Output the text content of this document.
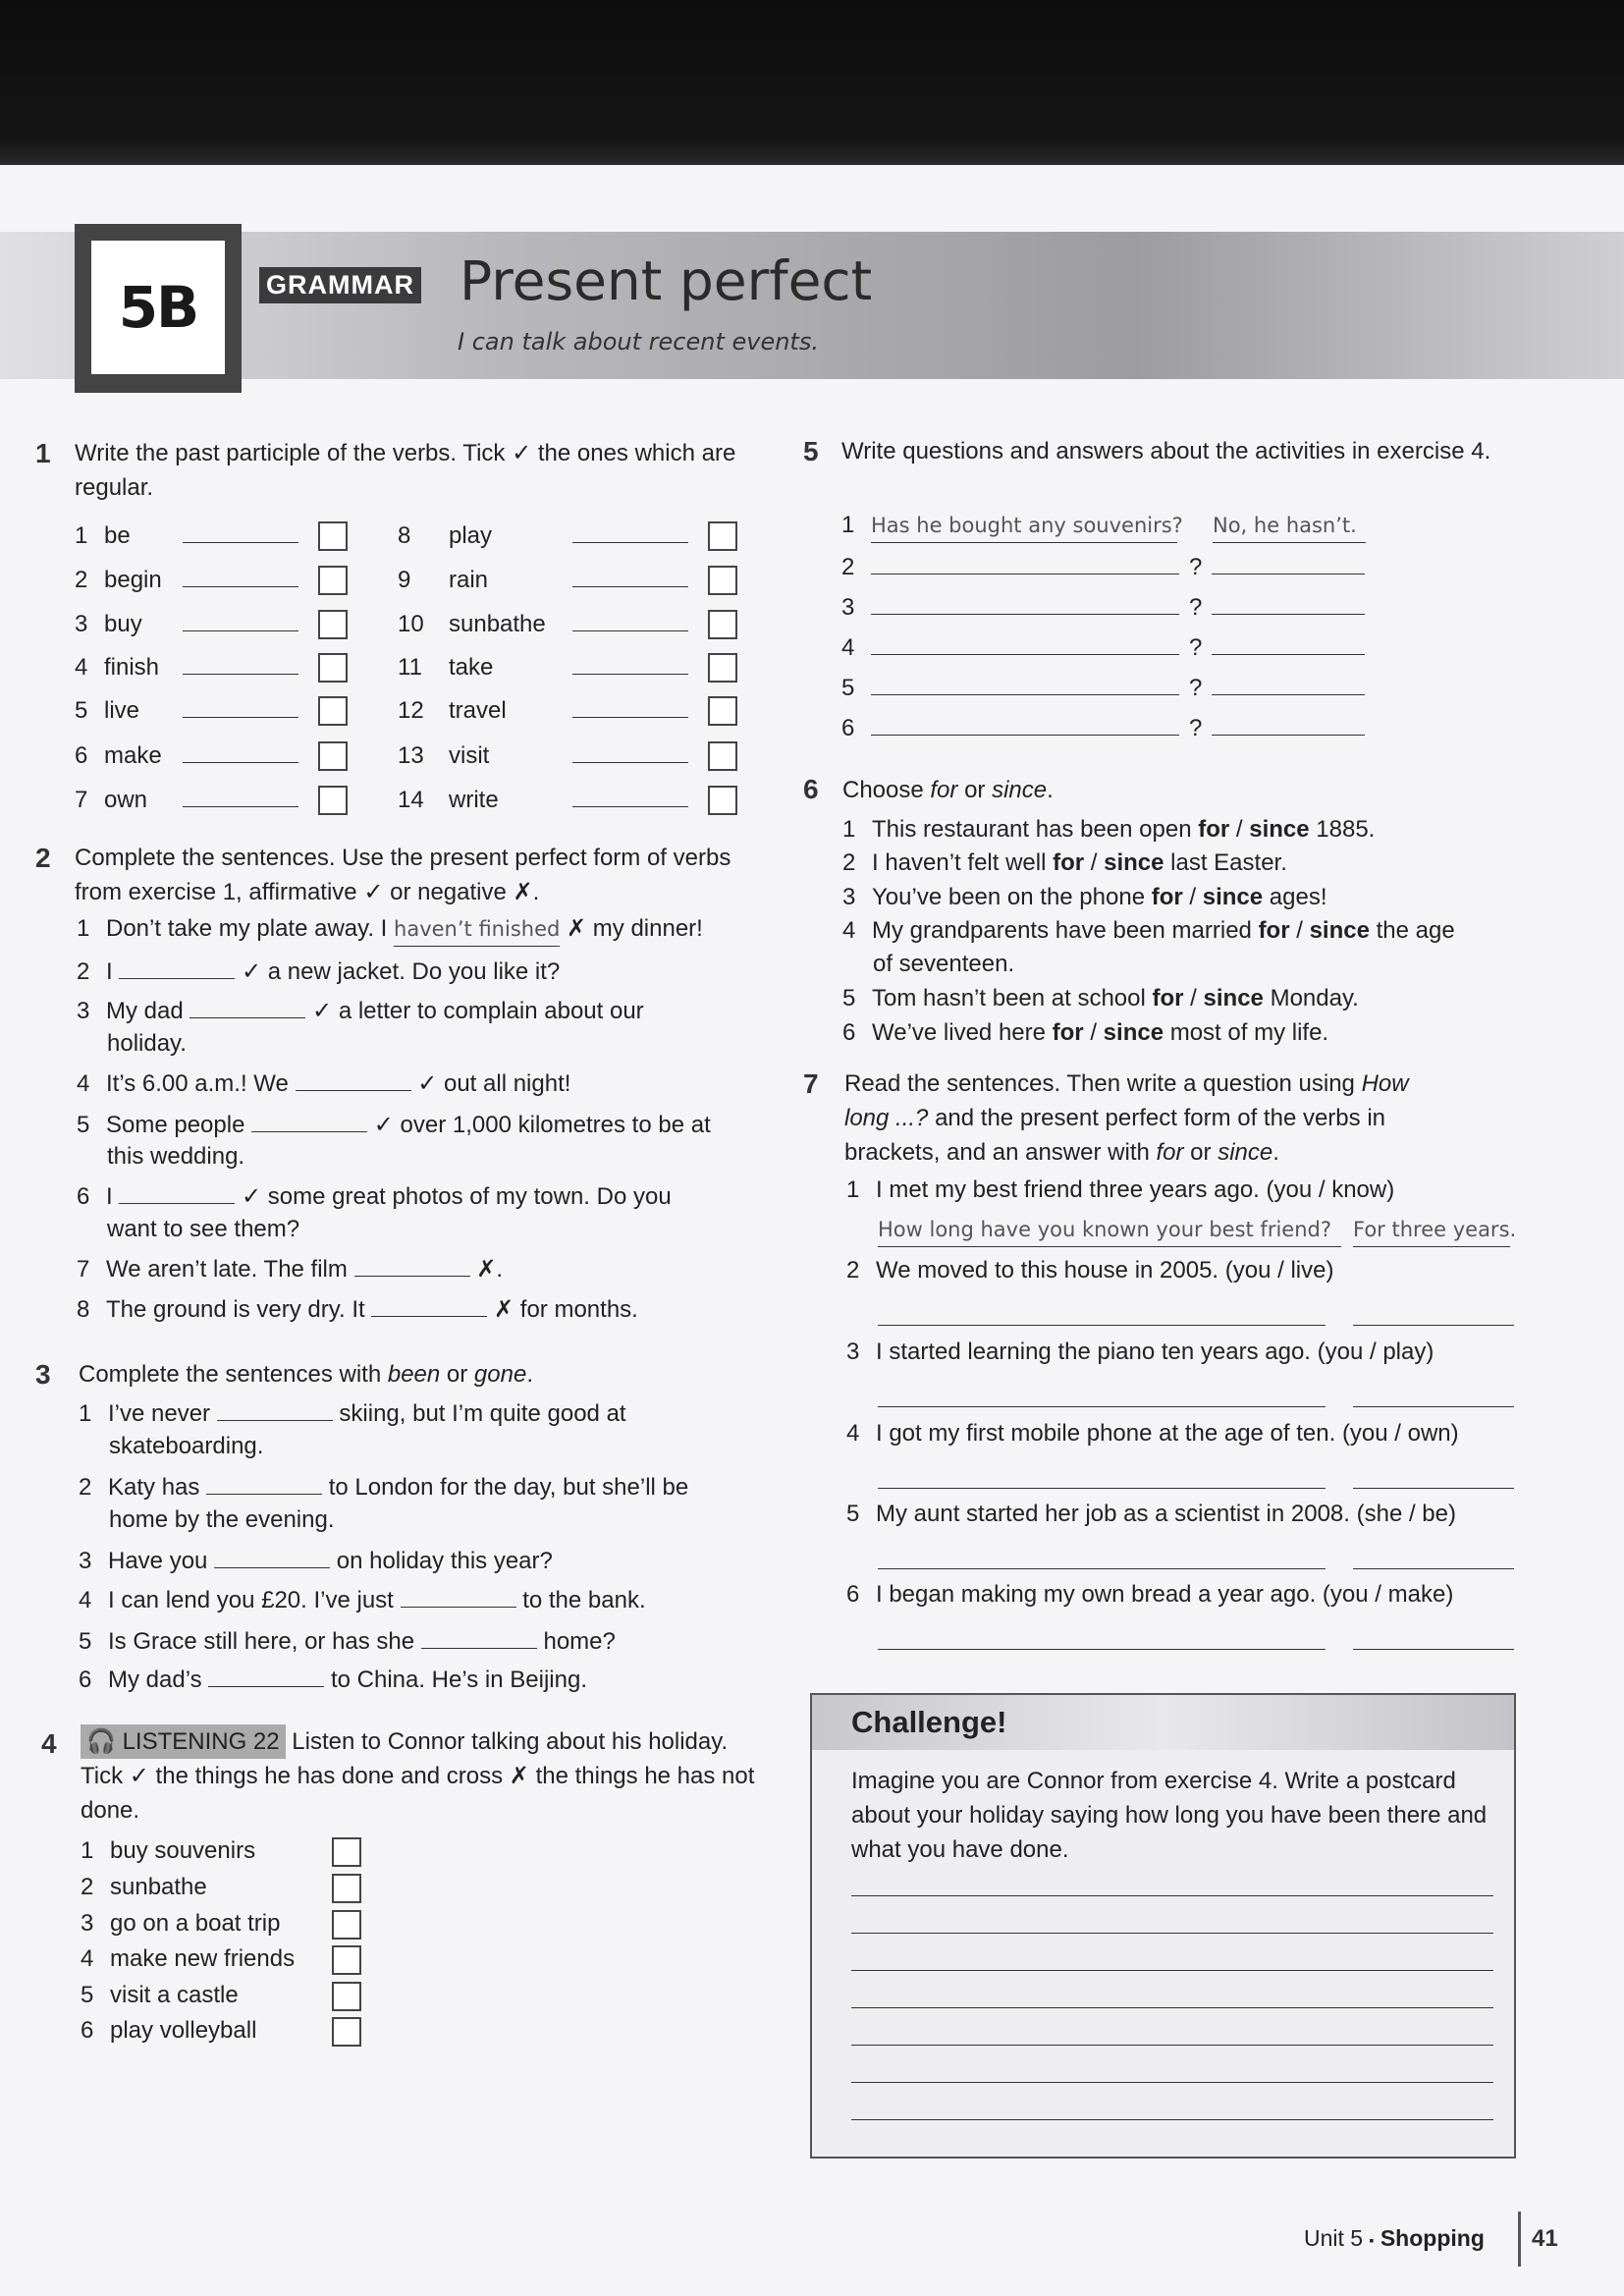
5B	GRAMMAR Present perfect
I can talk about recent events.
1 Write the past participle of the verbs. Tick ✓ the ones which are regular.
1 be
2 begin
3 buy
4 finish
5 live
6 make
7 own
8 play
9 rain
10 sunbathe
11 take
12 travel
13 visit
14 write
2 Complete the sentences. Use the present perfect form of verbs from exercise 1, affirmative ✓ or negative ✗.
1 Don’t take my plate away. I haven’t finished ✗ my dinner!
2 I	✓ a new jacket. Do you like it?
3 My dad	✓ a letter to complain about our
holiday.
4 It’s 6.00 a.m.! We	✓ out all night!
5 Some people	✓ over 1,000 kilometres to be at
this wedding.
6 I	✓ some great photos of my town. Do you
want to see them?
7 We aren’t late. The film	✗.
8 The ground is very dry. It	✗ for months.
3 Complete the sentences with been or gone.
1 I’ve never	skiing, but I’m quite good at
skateboarding.
2 Katy has	to London for the day, but she’ll be
home by the evening.
3 Have you	on holiday this year?
4 I can lend you £20. I’ve just	to the bank.
5 Is Grace still here, or has she	home?
6 My dad’s	to China. He’s in Beijing.
4 🎧 LISTENING 22 Listen to Connor talking about his holiday. Tick ✓ the things he has done and cross ✗ the things he has not done.
1 buy souvenirs
2 sunbathe
3 go on a boat trip
4 make new friends
5 visit a castle
6 play volleyball
5 Write questions and answers about the activities in exercise 4.
1 Has he bought any souvenirs? No, he hasn’t.
2	?
3	?
4	?
5	?
6	?
6 Choose for or since.
1 This restaurant has been open for / since 1885.
2 I haven’t felt well for / since last Easter.
3 You’ve been on the phone for / since ages!
4 My grandparents have been married for / since the age
of seventeen.
5 Tom hasn’t been at school for / since Monday.
6 We’ve lived here for / since most of my life.
7 Read the sentences. Then write a question using How
long ...? and the present perfect form of the verbs in
brackets, and an answer with for or since.
1 I met my best friend three years ago. (you / know)
How long have you known your best friend?	For three years.
2 We moved to this house in 2005. (you / live)
3 I started learning the piano ten years ago. (you / play)
4 I got my first mobile phone at the age of ten. (you / own)
5 My aunt started her job as a scientist in 2008. (she / be)
6 I began making my own bread a year ago. (you / make)
Challenge!
Imagine you are Connor from exercise 4. Write a postcard about your holiday saying how long you have been there and what you have done.
Unit 5 ▪ Shopping 41
